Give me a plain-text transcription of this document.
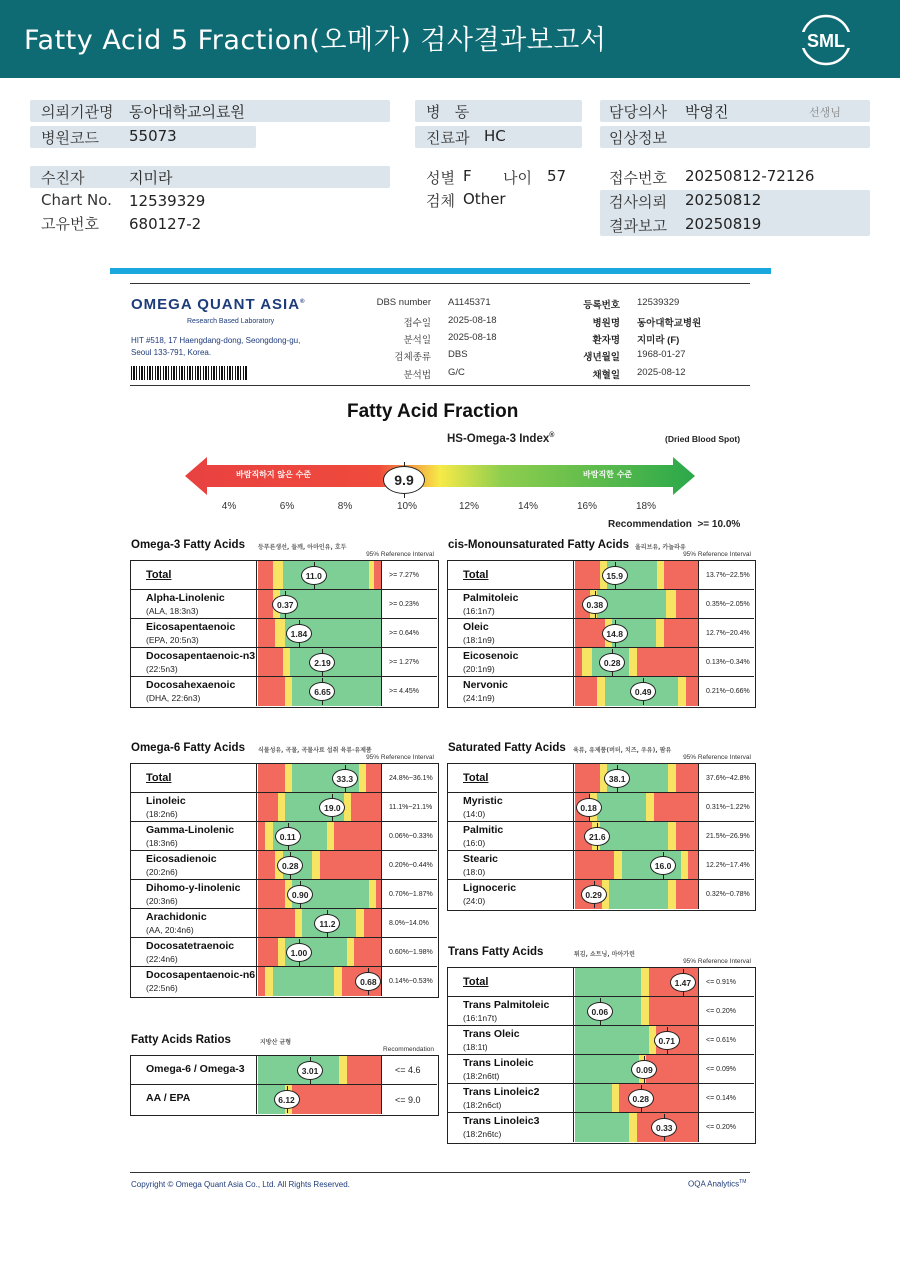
Fatty Acid 5 Fraction(오메가) 검사결과보고서	SML
의뢰기관명 동아대학교의료원
병원코드 55073
병   동
진료과 HC
담당의사 박영진	선생님
임상정보
수진자	지미라
Chart No. 12539329
고유번호 680127-2
성별 F 나이 57
검체 Other
접수번호 20250812-72126
검사의뢰 20250812
결과보고 20250819
OMEGA QUANT ASIA®
Research Based Laboratory
HIT #518, 17 Haengdang-dong, Seongdong-gu,
Seoul 133-791, Korea.
DBS number A1145371
접수일 2025-08-18
분석일 2025-08-18
검체종류 DBS
분석법 G/C
등록번호 12539329
병원명 동아대학교병원
환자명 지미라 (F)
생년월일 1968-01-27
채혈일 2025-08-12
Fatty Acid Fraction
HS-Omega-3 Index®	(Dried Blood Spot)
바람직하지 않은 수준	바람직한 수준
9.9
4%	6%	8%	10%	12%	14%	16%	18%
Recommendation  >= 10.0%
Omega-3 Fatty Acids 등푸른생선, 들깨, 아마인유, 호두
95% Reference Interval
Total	11.0	>= 7.27%
Alpha-Linolenic
(ALA, 18:3n3)
0.37	>= 0.23%
Eicosapentaenoic
(EPA, 20:5n3)
1.84	>= 0.64%
Docosapentaenoic-n3
(22:5n3)
2.19	>= 1.27%
Docosahexaenoic
(DHA, 22:6n3)
6.65	>= 4.45%
cis-Monounsaturated Fatty Acids 올리브유, 카놀라유
95% Reference Interval
Total	15.9	13.7%~22.5%
Palmitoleic
(16:1n7)
0.38	0.35%~2.05%
Oleic
(18:1n9)
14.8	12.7%~20.4%
Eicosenoic
(20:1n9)
0.28	0.13%~0.34%
Nervonic
(24:1n9)
0.49	0.21%~0.66%
Omega-6 Fatty Acids 식물성유, 곡물, 곡물사료 섭취 육류·유제품
95% Reference Interval
Total	33.3	24.8%~36.1%
Linoleic
(18:2n6)
19.0	11.1%~21.1%
Gamma-Linolenic
(18:3n6)
0.11	0.06%~0.33%
Eicosadienoic
(20:2n6)
0.28	0.20%~0.44%
Dihomo-y-linolenic
(20:3n6)
0.90	0.70%~1.87%
Arachidonic
(AA, 20:4n6)
11.2	8.0%~14.0%
Docosatetraenoic
(22:4n6)
1.00	0.60%~1.98%
Docosapentaenoic-n6
(22:5n6)
0.68	0.14%~0.53%
Saturated Fatty Acids 육류, 유제품(버터, 치즈, 우유), 팜유
95% Reference Interval
Total	38.1	37.6%~42.8%
Myristic
(14:0)
0.18	0.31%~1.22%
Palmitic
(16:0)
21.6	21.5%~26.9%
Stearic
(18:0)
16.0	12.2%~17.4%
Lignoceric
(24:0)
0.29	0.32%~0.78%
Trans Fatty Acids	튀김, 쇼트닝, 마아가린
95% Reference Interval
Total	1.47	<= 0.91%
Trans Palmitoleic
(16:1n7t)
0.06	<= 0.20%
Trans Oleic
(18:1t)
0.71	<= 0.61%
Trans Linoleic
(18:2n6tt)
0.09	<= 0.09%
Trans Linoleic2
(18:2n6ct)
0.28	<= 0.14%
Trans Linoleic3
(18:2n6tc)
0.33	<= 0.20%
Fatty Acids Ratios	지방산 균형
Recommendation
Omega-6 / Omega-3	3.01	<= 4.6
AA / EPA	6.12	<= 9.0
Copyright © Omega Quant Asia Co., Ltd. All Rights Reserved.	OQA Analytics™
